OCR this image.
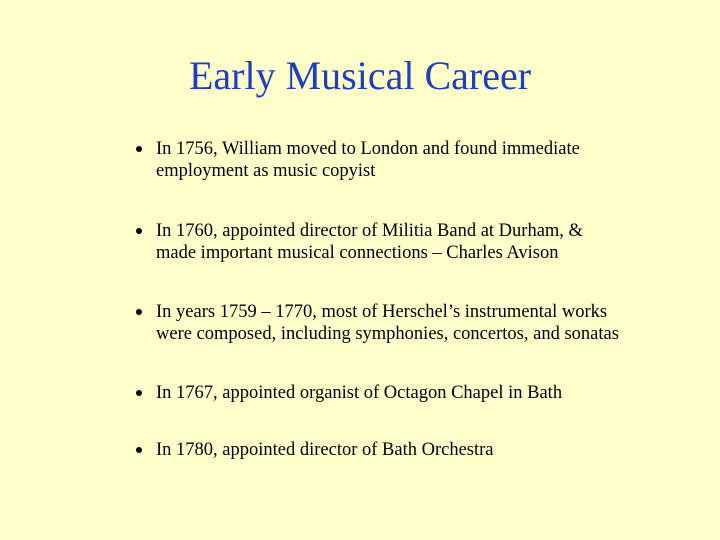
Early Musical Career
In 1756, William moved to London and found immediate
employment as music copyist
In 1760, appointed director of Militia Band at Durham, &
made important musical connections – Charles Avison
In years 1759 – 1770, most of Herschel’s instrumental works
were composed, including symphonies, concertos, and sonatas
In 1767, appointed organist of Octagon Chapel in Bath
In 1780, appointed director of Bath Orchestra
